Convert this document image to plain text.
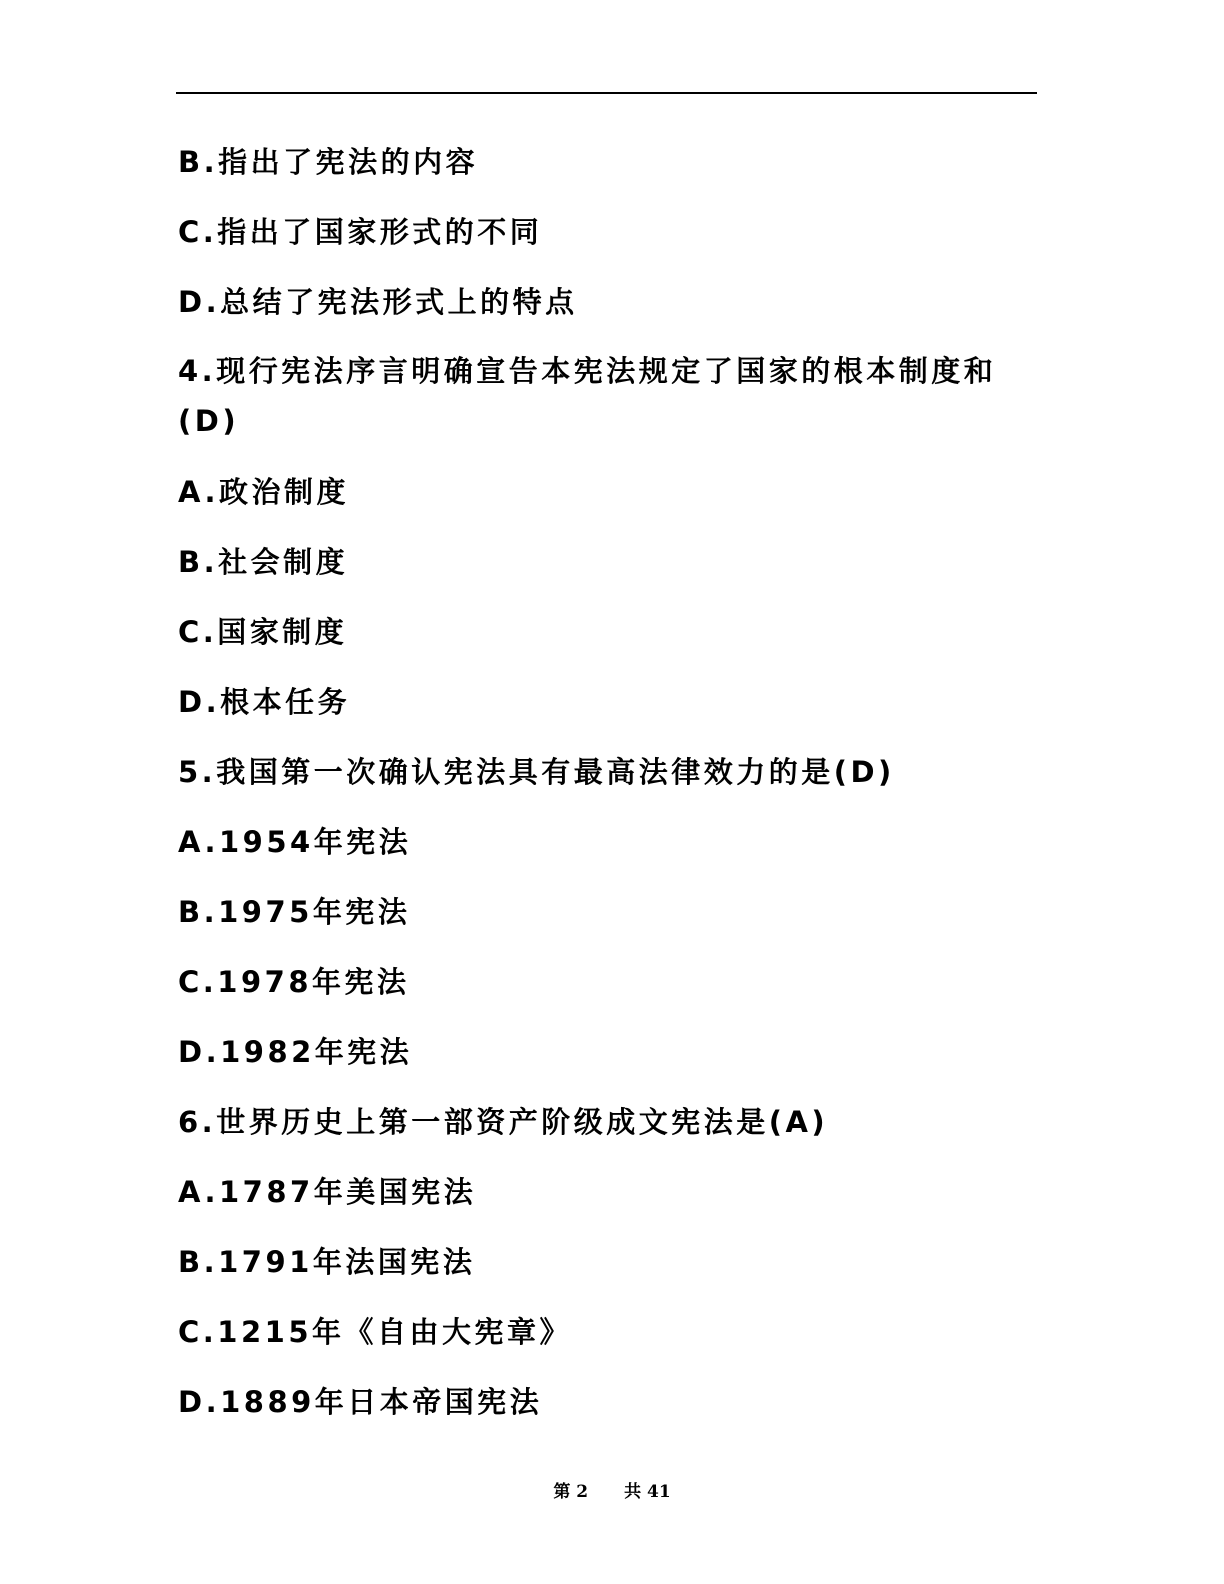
B.指出了宪法的内容
C.指出了国家形式的不同
D.总结了宪法形式上的特点
4.现行宪法序言明确宣告本宪法规定了国家的根本制度和(D)
A.政治制度
B.社会制度
C.国家制度
D.根本任务
5.我国第一次确认宪法具有最高法律效力的是(D)
A.1954年宪法
B.1975年宪法
C.1978年宪法
D.1982年宪法
6.世界历史上第一部资产阶级成文宪法是(A)
A.1787年美国宪法
B.1791年法国宪法
C.1215年《自由大宪章》
D.1889年日本帝国宪法
第 2 共 41
